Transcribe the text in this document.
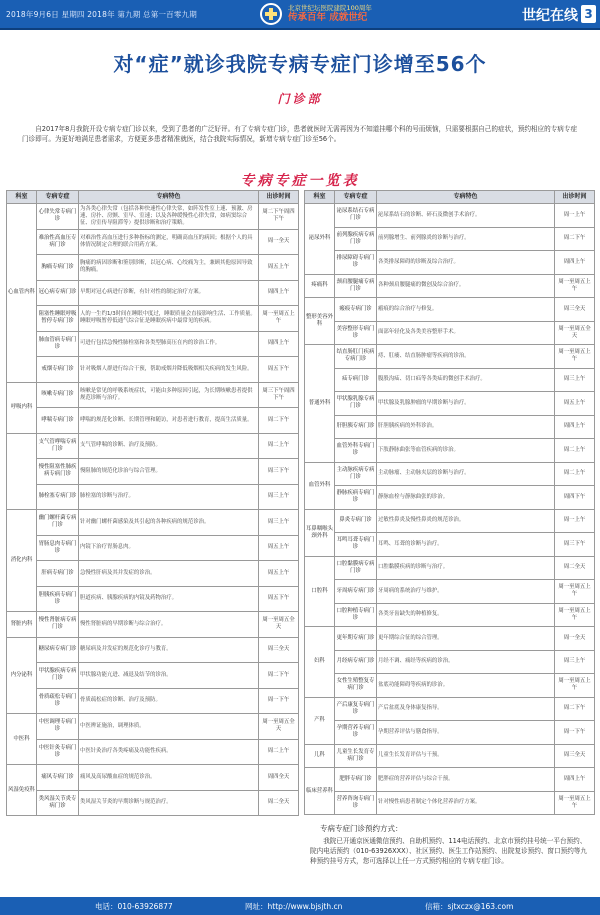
2018年9月6日 星期四 2018年 第九期 总第一百零九期
北京世纪坛医院建院100周年
传承百年 成就世纪	世纪在线 3
对“症”就诊我院专病专症门诊增至56个
门诊部
自2017年8月我院开设专病专症门诊以来，受到了患者的广泛好评。有了专病专症门诊，患者就医时无需再因为不知道挂哪个科的号而烦恼，只需要根据自己的症状，预约相应的专病专症门诊即可。为更好地满足患者需求，方便更多患者精准就医，结合我院实际情况，新增专病专症门诊至56个。
专病专症一览表
科室	专病专症	专病特色	出诊时间
心血管内科	心律失常专病门诊	为各类心律失常（包括各种快速性心律失常，如阵发性室上速、预激、房速、房扑、房颤、室早、室速；以及各种缓慢性心律失常，如病窦综合征、房室传导阻滞等）提供诊断和治疗策略。	周二下午周四下午
	难治性高血压专病门诊	对难治性高血压进行多种指标的测定，明确高血压的病因；根据个人的具体情况制定合理的联合用药方案。	周一全天
	胸痛专病门诊	胸痛的病因诊断和鉴别诊断，以冠心病、心绞痛为主，兼顾其他原因导致的胸痛。	周五上午
	冠心病专病门诊	早期对冠心病进行诊断，有针对性的制定治疗方案。	周四上午
	阻塞性睡眠呼吸暂停专病门诊	人的一生约1/3时间在睡眠中度过，睡眠质量会直接影响生活、工作质量。睡眠呼吸暂停低通气综合征是睡眠疾病中最常见的疾病。	周一至周五上午
	肺血管病专病门诊	可进行包括急慢性肺栓塞和各类型肺高压在内的诊治工作。	周四上午
	戒烟专病门诊	针对吸烟人群进行综合干预，帮助戒烟并降低吸烟相关疾病的发生风险。	周五下午
呼吸内科	咳嗽专病门诊	咳嗽是常见的呼吸系统症状，可能由多种原因引起，为长期咳嗽患者提供规范诊断与治疗。	周三下午周四下午
	哮喘专病门诊	哮喘的规范化诊断、长期管理和随访，对患者进行教育，提高生活质量。	周二下午
	支气管哮喘专病门诊	支气管哮喘的诊断、治疗及预防。	周二上午
	慢性阻塞性肺疾病专病门诊	慢阻肺的规范化诊治与综合管理。	周三下午
	肺栓塞专病门诊	肺栓塞的诊断与治疗。	周三上午
消化内科	幽门螺杆菌专病门诊	针对幽门螺杆菌感染及其引起的各种疾病的规范诊治。	周三上午
	胃肠息肉专病门诊	内镜下治疗胃肠息肉。	周五上午
	肝病专病门诊	急慢性肝病及其并发症的诊治。	周五上午
	胆胰疾病专病门诊	胆道疾病、胰腺疾病的内镜及药物治疗。	周五下午
肾脏内科	慢性肾脏病专病门诊	慢性肾脏病的早期诊断与综合治疗。	周一至周五全天
内分泌科	糖尿病专病门诊	糖尿病及并发症的规范化诊疗与教育。	周三全天
	甲状腺疾病专病门诊	甲状腺功能亢进、减退及结节的诊治。	周二下午
	骨质疏松专病门诊	骨质疏松症的诊断、治疗及预防。	周一下午
中医科	中医调理专病门诊	中医辨证施治，调理体质。	周一至周五全天
	中医针灸专病门诊	中医针灸治疗各类疼痛及功能性疾病。	周二上午
风湿免疫科	痛风专病门诊	痛风及高尿酸血症的规范诊治。	周四全天
	类风湿关节炎专病门诊	类风湿关节炎的早期诊断与规范治疗。	周二全天
科室	专病专症	专病特色	出诊时间
泌尿外科	泌尿系结石专病门诊	泌尿系结石的诊断、碎石及微创手术治疗。	周一上午
	前列腺疾病专病门诊	前列腺增生、前列腺炎的诊断与治疗。	周二下午
	排尿障碍专病门诊	各类排尿障碍的诊断及综合治疗。	周四上午
疼痛科	颈肩腰腿痛专病门诊	各种颈肩腰腿痛的微创及综合治疗。	周一至周五上午
整形美容外科	瘢痕专病门诊	瘢痕的综合治疗与修复。	周三全天
	美容整形专病门诊	面部年轻化及各类美容整形手术。	周一至周五全天
普通外科	结直肠肛门疾病专病门诊	痔、肛瘘、结直肠肿瘤等疾病的诊治。	周一至周五上午
	疝专病门诊	腹股沟疝、切口疝等各类疝的微创手术治疗。	周三上午
	甲状腺乳腺专病门诊	甲状腺及乳腺肿瘤的早期诊断与治疗。	周五上午
	肝胆胰专病门诊	肝胆胰疾病的外科诊治。	周四上午
	血管外科专病门诊	下肢静脉曲张等血管疾病的诊治。	周二上午
血管外科	主动脉疾病专病门诊	主动脉瘤、主动脉夹层的诊断与治疗。	周二上午
	静脉疾病专病门诊	静脉血栓与静脉曲张的诊治。	周四下午
耳鼻咽喉头颈外科	鼻炎专病门诊	过敏性鼻炎及慢性鼻炎的规范诊治。	周一上午
	耳鸣耳聋专病门诊	耳鸣、耳聋的诊断与治疗。	周三下午
口腔科	口腔黏膜病专病门诊	口腔黏膜疾病的诊断与治疗。	周二全天
	牙周病专病门诊	牙周病的系统治疗与维护。	周一至周五上午
	口腔种植专病门诊	各类牙齿缺失的种植修复。	周一至周五上午
妇科	更年期专病门诊	更年期综合征的综合管理。	周一全天
	月经病专病门诊	月经不调、痛经等疾病的诊治。	周三上午
	女性生殖整复专病门诊	盆底功能障碍等疾病的诊治。	周一至周五上午
产科	产后康复专病门诊	产后盆底及身体康复指导。	周二下午
	孕期营养专病门诊	孕期营养评估与膳食指导。	周一下午
儿科	儿童生长发育专病门诊	儿童生长发育评估与干预。	周三全天
临床营养科	肥胖专病门诊	肥胖症的营养评估与综合干预。	周四上午
	营养咨询专病门诊	针对慢性病患者制定个体化营养治疗方案。	周一至周五上午
专病专症门诊预约方式：
我院已开通京医通微信预约、自助机预约、114电话预约、北京市预约挂号统一平台预约、院内电话预约（010-63926XXX）、社区预约、医生工作站预约、出院复诊预约、窗口预约等九种预约挂号方式，您可选择以上任一方式预约相应的专病专症门诊。
电话：010-63926877	网址：http://www.bjsjth.cn	信箱：sjtxczx@163.com
